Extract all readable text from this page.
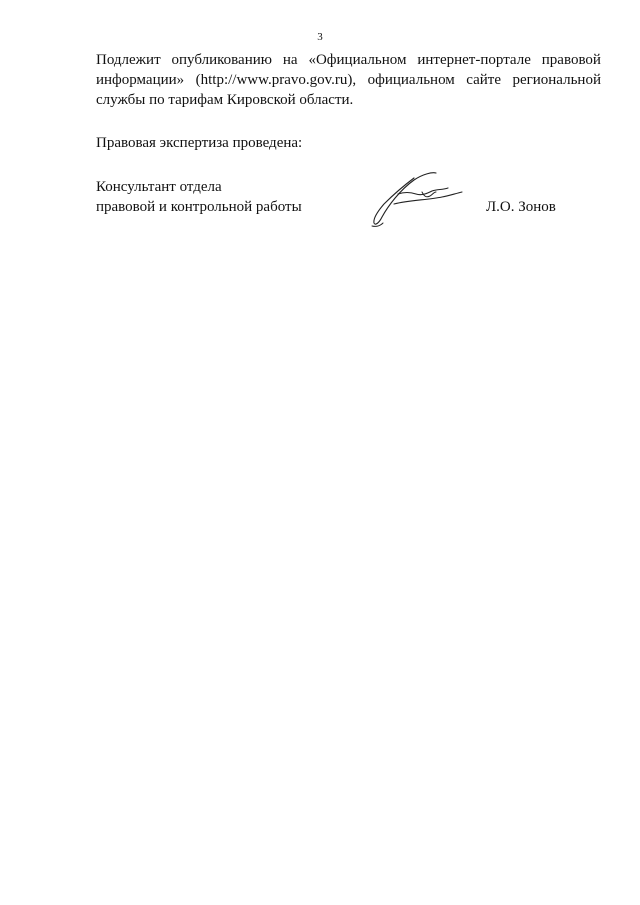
3
Подлежит опубликованию на «Официальном интернет-портале правовой
информации» (http://www.pravo.gov.ru), официальном сайте региональной
службы по тарифам Кировской области.
Правовая экспертиза проведена:
Консультант отдела
правовой и контрольной работы	Л.О. Зонов
